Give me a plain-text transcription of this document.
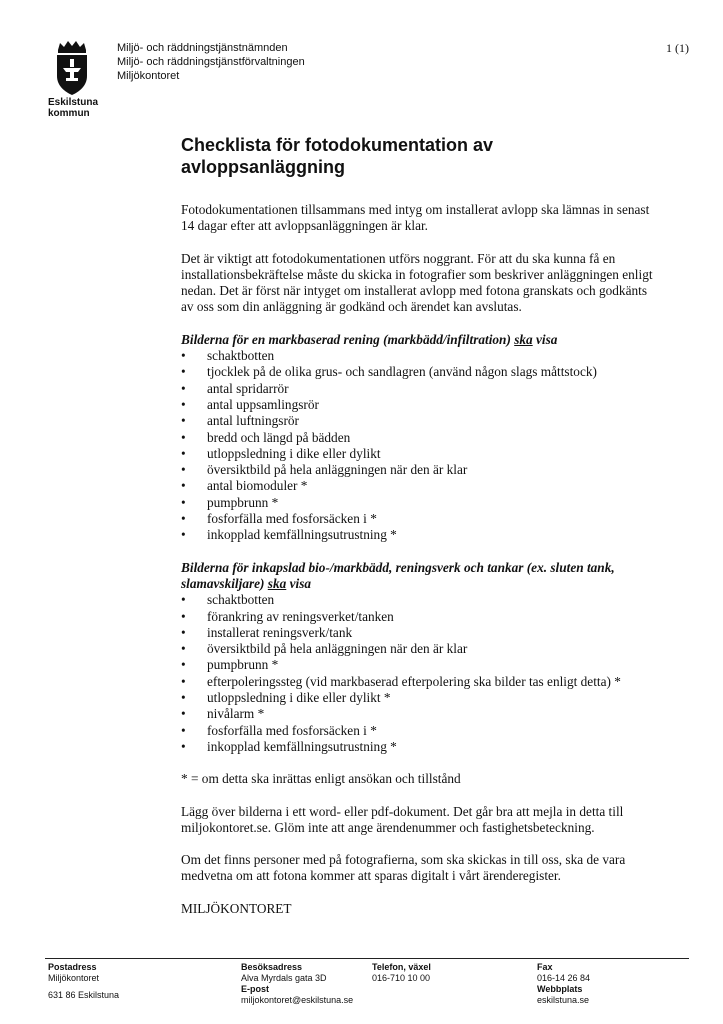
Eskilstuna
kommun
Miljö- och räddningstjänstnämnden
Miljö- och räddningstjänstförvaltningen
Miljökontoret
1 (1)
Checklista för fotodokumentation av avloppsanläggning

Fotodokumentationen tillsammans med intyg om installerat avlopp ska lämnas in senast 14 dagar efter att avloppsanläggningen är klar.

Det är viktigt att fotodokumentationen utförs noggrant. För att du ska kunna få en installationsbekräftelse måste du skicka in fotografier som beskriver anläggningen enligt nedan. Det är först när intyget om installerat avlopp med fotona granskats och godkänts av oss som din anläggning är godkänd och ärendet kan avslutas.

Bilderna för en markbaserad rening (markbädd/infiltration) ska visa

• schaktbotten
• tjocklek på de olika grus- och sandlagren (använd någon slags måttstock)
• antal spridarrör
• antal uppsamlingsrör
• antal luftningsrör
• bredd och längd på bädden
• utloppsledning i dike eller dylikt
• översiktbild på hela anläggningen när den är klar
• antal biomoduler *
• pumpbrunn *
• fosforfälla med fosforsäcken i *
• inkopplad kemfällningsutrustning *

Bilderna för inkapslad bio-/markbädd, reningsverk och tankar (ex. sluten tank, slamavskiljare) ska visa

• schaktbotten
• förankring av reningsverket/tanken
• installerat reningsverk/tank
• översiktbild på hela anläggningen när den är klar
• pumpbrunn *
• efterpoleringssteg (vid markbaserad efterpolering ska bilder tas enligt detta) *
• utloppsledning i dike eller dylikt *
• nivålarm *
• fosforfälla med fosforsäcken i *
• inkopplad kemfällningsutrustning *

* = om detta ska inrättas enligt ansökan och tillstånd

Lägg över bilderna i ett word- eller pdf-dokument. Det går bra att mejla in detta till miljokontoret.se. Glöm inte att ange ärendenummer och fastighetsbeteckning.

Om det finns personer med på fotografierna, som ska skickas in till oss, ska de vara medvetna om att fotona kommer att sparas digitalt i vårt ärenderegister.

MILJÖKONTORET

Postadress
Miljökontoret
631 86 Eskilstuna
Besöksadress
Alva Myrdals gata 3D
E-post
miljokontoret@eskilstuna.se
Telefon, växel
016-710 10 00
Fax
016-14 26 84
Webbplats
eskilstuna.se
